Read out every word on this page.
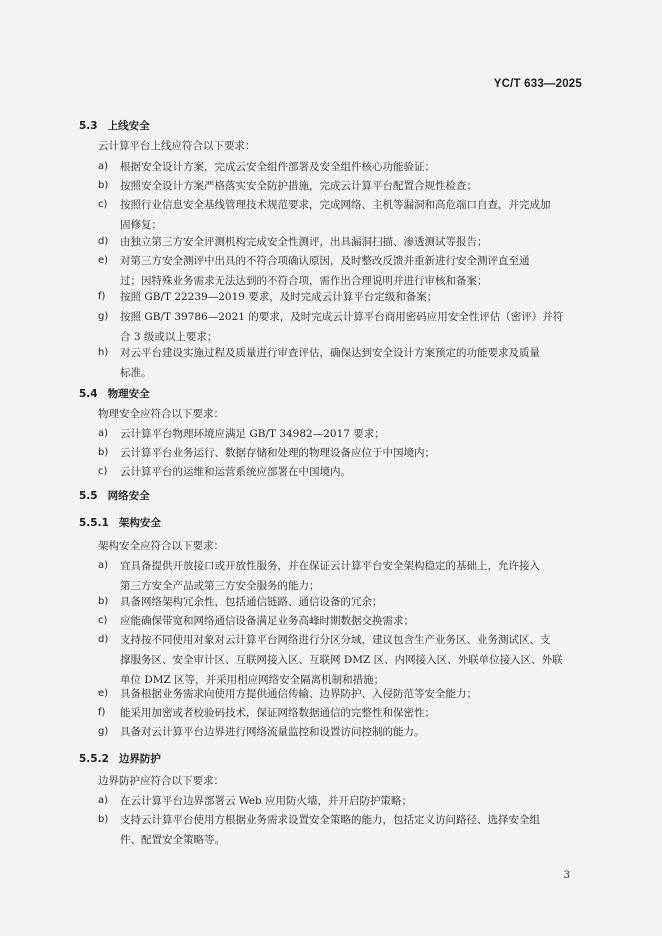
YC/T 633—2025
5.3 上线安全
云计算平台上线应符合以下要求：
a) 根据安全设计方案，完成云安全组件部署及安全组件核心功能验证；
b) 按照安全设计方案严格落实安全防护措施，完成云计算平台配置合规性检查；
c) 按照行业信息安全基线管理技术规范要求，完成网络、主机等漏洞和高危端口自查，并完成加
固修复；
d) 由独立第三方安全评测机构完成安全性测评，出具漏洞扫描、渗透测试等报告；
e) 对第三方安全测评中出具的不符合项确认原因，及时整改反馈并重新进行安全测评直至通
过；因特殊业务需求无法达到的不符合项，需作出合理说明并进行审核和备案；
f) 按照 GB/T 22239—2019 要求，及时完成云计算平台定级和备案；
g) 按照 GB/T 39786—2021 的要求，及时完成云计算平台商用密码应用安全性评估（密评）并符
合 3 级或以上要求；
h) 对云平台建设实施过程及质量进行审查评估，确保达到安全设计方案预定的功能要求及质量
标准。
5.4 物理安全
物理安全应符合以下要求：
a) 云计算平台物理环境应满足 GB/T 34982—2017 要求；
b) 云计算平台业务运行、数据存储和处理的物理设备应位于中国境内；
c) 云计算平台的运维和运营系统应部署在中国境内。
5.5 网络安全
5.5.1 架构安全
架构安全应符合以下要求：
a) 宜具备提供开放接口或开放性服务，并在保证云计算平台安全架构稳定的基础上，允许接入
第三方安全产品或第三方安全服务的能力；
b) 具备网络架构冗余性，包括通信链路、通信设备的冗余；
c) 应能确保带宽和网络通信设备满足业务高峰时期数据交换需求；
d) 支持按不同使用对象对云计算平台网络进行分区分域，建议包含生产业务区、业务测试区、支
撑服务区、安全审计区、互联网接入区、互联网 DMZ 区、内网接入区、外联单位接入区、外联
单位 DMZ 区等，并采用相应网络安全隔离机制和措施；
e) 具备根据业务需求向使用方提供通信传输、边界防护、入侵防范等安全能力；
f) 能采用加密或者校验码技术，保证网络数据通信的完整性和保密性；
g) 具备对云计算平台边界进行网络流量监控和设置访问控制的能力。
5.5.2 边界防护
边界防护应符合以下要求：
a) 在云计算平台边界部署云 Web 应用防火墙，并开启防护策略；
b) 支持云计算平台使用方根据业务需求设置安全策略的能力，包括定义访问路径、选择安全组
件、配置安全策略等。
3
